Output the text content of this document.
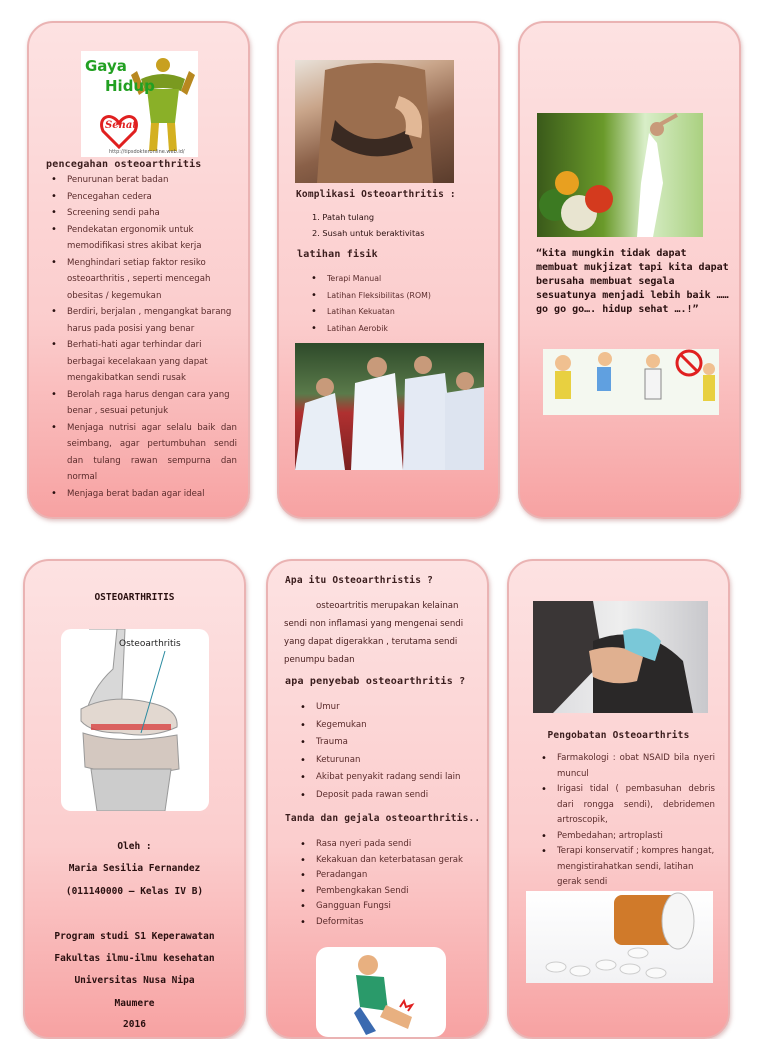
Gaya
Hidup
Sehat
http://tipsdokteronline.web.id/
pencegahan osteoarthritis
• Penurunan berat badan
• Pencegahan cedera
• Screening sendi paha
• Pendekatan ergonomik untuk memodifikasi stres akibat kerja
• Menghindari setiap faktor resiko osteoarthritis , seperti mencegah obesitas / kegemukan
• Berdiri, berjalan , mengangkat barang harus pada posisi yang benar
• Berhati-hati agar terhindar dari berbagai kecelakaan yang dapat mengakibatkan sendi rusak
• Berolah raga harus dengan cara yang benar , sesuai petunjuk
• Menjaga nutrisi agar selalu baik dan seimbang, agar pertumbuhan sendi dan tulang rawan sempurna dan normal
• Menjaga berat badan agar ideal
Komplikasi Osteoarthritis :
1. Patah tulang
2. Susah untuk beraktivitas
latihan fisik
• Terapi Manual
• Latihan Fleksibilitas (ROM)
• Latihan Kekuatan
• Latihan Aerobik
“kita mungkin tidak dapat membuat mukjizat tapi kita dapat berusaha membuat segala sesuatunya menjadi lebih baik ……go go go…. hidup sehat ….!”
OSTEOARTHRITIS
Osteoarthritis
Oleh :
Maria Sesilia Fernandez
(011140000 – Kelas IV B)
Program studi S1 Keperawatan
Fakultas ilmu-ilmu kesehatan
Universitas Nusa Nipa
Maumere
2016
Apa itu Osteoarthristis ?
osteoartritis merupakan kelainan sendi non inflamasi yang mengenai sendi yang dapat digerakkan , terutama sendi penumpu badan
apa penyebab osteoarthritis ?
• Umur
• Kegemukan
• Trauma
• Keturunan
• Akibat penyakit radang sendi lain
• Deposit pada rawan sendi
Tanda dan gejala osteoarthritis..
• Rasa nyeri pada sendi
• Kekakuan dan keterbatasan gerak
• Peradangan
• Pembengkakan Sendi
• Gangguan Fungsi
• Deformitas
Pengobatan Osteoarthrits
• Farmakologi : obat NSAID bila nyeri muncul
• Irigasi tidal ( pembasuhan debris dari rongga sendi), debridemen artroscopik,
• Pembedahan; artroplasti
• Terapi konservatif ; kompres hangat, mengistirahatkan sendi, latihan gerak sendi
